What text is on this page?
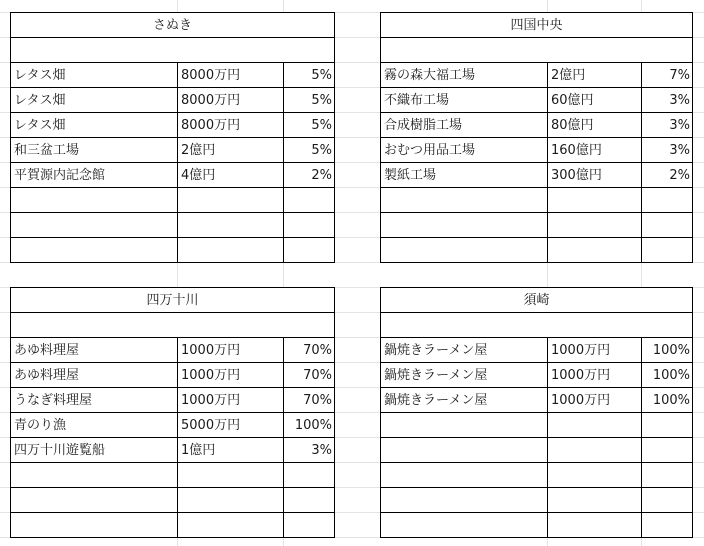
さぬき
レタス畑	8000万円	5%
レタス畑	8000万円	5%
レタス畑	8000万円	5%
和三盆工場	2億円	5%
平賀源内記念館	4億円	2%
四国中央
霧の森大福工場	2億円	7%
不織布工場	60億円	3%
合成樹脂工場	80億円	3%
おむつ用品工場	160億円	3%
製紙工場	300億円	2%
四万十川
あゆ料理屋	1000万円	70%
あゆ料理屋	1000万円	70%
うなぎ料理屋	1000万円	70%
青のり漁	5000万円	100%
四万十川遊覧船	1億円	3%
須崎
鍋焼きラーメン屋	1000万円	100%
鍋焼きラーメン屋	1000万円	100%
鍋焼きラーメン屋	1000万円	100%
